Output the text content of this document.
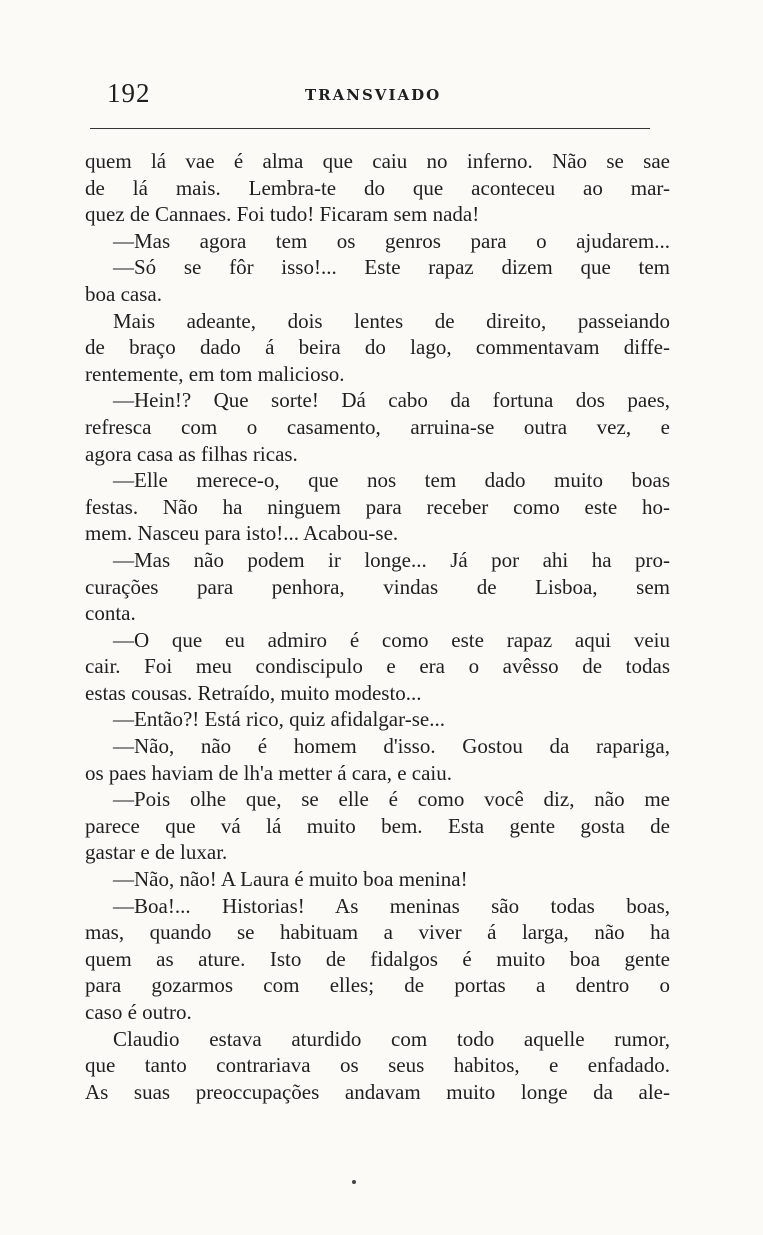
192	TRANSVIADO
quem lá vae é alma que caiu no inferno. Não se sae
de lá mais. Lembra-te do que aconteceu ao mar-
quez de Cannaes. Foi tudo! Ficaram sem nada!
—Mas agora tem os genros para o ajudarem...
—Só se fôr isso!... Este rapaz dizem que tem
boa casa.
Mais adeante, dois lentes de direito, passeiando
de braço dado á beira do lago, commentavam diffe-
rentemente, em tom malicioso.
—Hein!? Que sorte! Dá cabo da fortuna dos paes,
refresca com o casamento, arruina-se outra vez, e
agora casa as filhas ricas.
—Elle merece-o, que nos tem dado muito boas
festas. Não ha ninguem para receber como este ho-
mem. Nasceu para isto!... Acabou-se.
—Mas não podem ir longe... Já por ahi ha pro-
curações para penhora, vindas de Lisboa, sem
conta.
—O que eu admiro é como este rapaz aqui veiu
cair. Foi meu condiscipulo e era o avêsso de todas
estas cousas. Retraído, muito modesto...
—Então?! Está rico, quiz afidalgar-se...
—Não, não é homem d'isso. Gostou da rapariga,
os paes haviam de lh'a metter á cara, e caiu.
—Pois olhe que, se elle é como você diz, não me
parece que vá lá muito bem. Esta gente gosta de
gastar e de luxar.
—Não, não! A Laura é muito boa menina!
—Boa!... Historias! As meninas são todas boas,
mas, quando se habituam a viver á larga, não ha
quem as ature. Isto de fidalgos é muito boa gente
para gozarmos com elles; de portas a dentro o
caso é outro.
Claudio estava aturdido com todo aquelle rumor,
que tanto contrariava os seus habitos, e enfadado.
As suas preoccupações andavam muito longe da ale-
